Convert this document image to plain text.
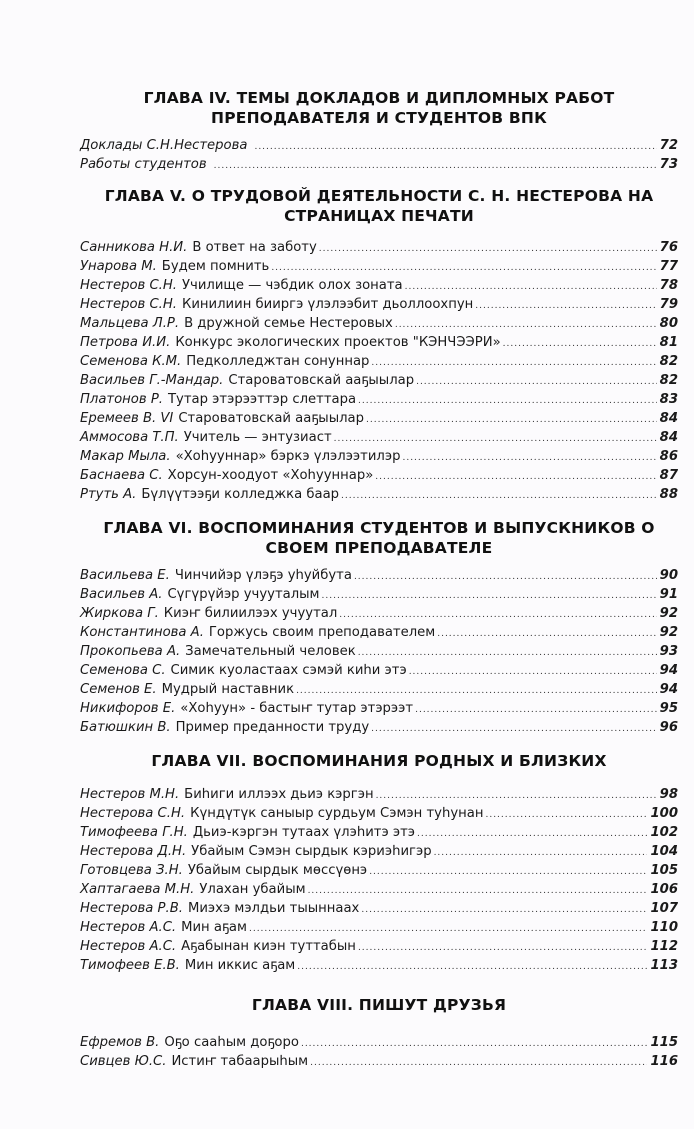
ГЛАВА IV. ТЕМЫ ДОКЛАДОВ И ДИПЛОМНЫХ РАБОТ
ПРЕПОДАВАТЕЛЯ И СТУДЕНТОВ ВПК
Доклады С.Н.Нестерова .....	72
Работы студентов .....	73
ГЛАВА V. О ТРУДОВОЙ ДЕЯТЕЛЬНОСТИ С. Н. НЕСТЕРОВА НА
СТРАНИЦАХ ПЕЧАТИ
Санникова Н.И. В ответ на заботу .....	76
Унарова М. Будем помнить .....	77
Нестеров С.Н. Училище — чэбдик олох зоната .....	78
Нестеров С.Н. Кинилиин бииргэ үлэлээбит дьоллоохпун .....	79
Мальцева Л.Р. В дружной семье Нестеровых .....	80
Петрова И.И. Конкурс экологических проектов "КЭНЧЭЭРИ» .....	81
Семенова К.М. Педколледжтан сонуннар .....	82
Васильев Г.-Мандар. Староватовскай ааҕыылар .....	82
Платонов Р. Тутар этэрээттэр слеттара .....	83
Еремеев В. VI Староватовскай ааҕыылар .....	84
Аммосова Т.П. Учитель — энтузиаст .....	84
Макар Мыла. «Хоһууннар» бэркэ үлэлээтилэр .....	86
Баснаева С. Хорсун-хоодуот «Хоһууннар» .....	87
Ртуть А. Бүлүүтээҕи колледжка баар .....	88
ГЛАВА VI. ВОСПОМИНАНИЯ СТУДЕНТОВ И ВЫПУСКНИКОВ О
СВОЕМ ПРЕПОДАВАТЕЛЕ
Васильева Е. Чинчийэр үлэҕэ уһуйбута .....	90
Васильев А. Сүгүрүйэр учууталым .....	91
Жиркова Г. Киэҥ билиилээх учуутал .....	92
Константинова А. Горжусь своим преподавателем .....	92
Прокопьева А. Замечательный человек .....	93
Семенова С. Симик куоластаах сэмэй киһи этэ .....	94
Семенов Е. Мудрый наставник .....	94
Никифоров Е. «Хоһуун» - бастыҥ тутар этэрээт .....	95
Батюшкин В. Пример преданности труду .....	96
ГЛАВА VII. ВОСПОМИНАНИЯ РОДНЫХ И БЛИЗКИХ
Нестеров М.Н. Биһиги иллээх дьиэ кэргэн .....	98
Нестерова С.Н. Күндүтүк саныыр сурдьум Сэмэн туһунан .....	100
Тимофеева Г.Н. Дьиэ-кэргэн тутаах үлэһитэ этэ .....	102
Нестерова Д.Н. Убайым Сэмэн сырдык кэриэһигэр .....	104
Готовцева З.Н. Убайым сырдык мөссүөнэ .....	105
Хаптагаева М.Н. Улахан убайым .....	106
Нестерова Р.В. Миэхэ мэлдьи тыыннаах .....	107
Нестеров А.С. Мин аҕам .....	110
Нестеров А.С. Аҕабынан киэн туттабын .....	112
Тимофеев Е.В. Мин иккис аҕам .....	113
ГЛАВА VIII. ПИШУТ ДРУЗЬЯ
Ефремов В. Оҕо сааһым доҕоро .....	115
Сивцев Ю.С. Истиҥ табаарыһым .....	116
